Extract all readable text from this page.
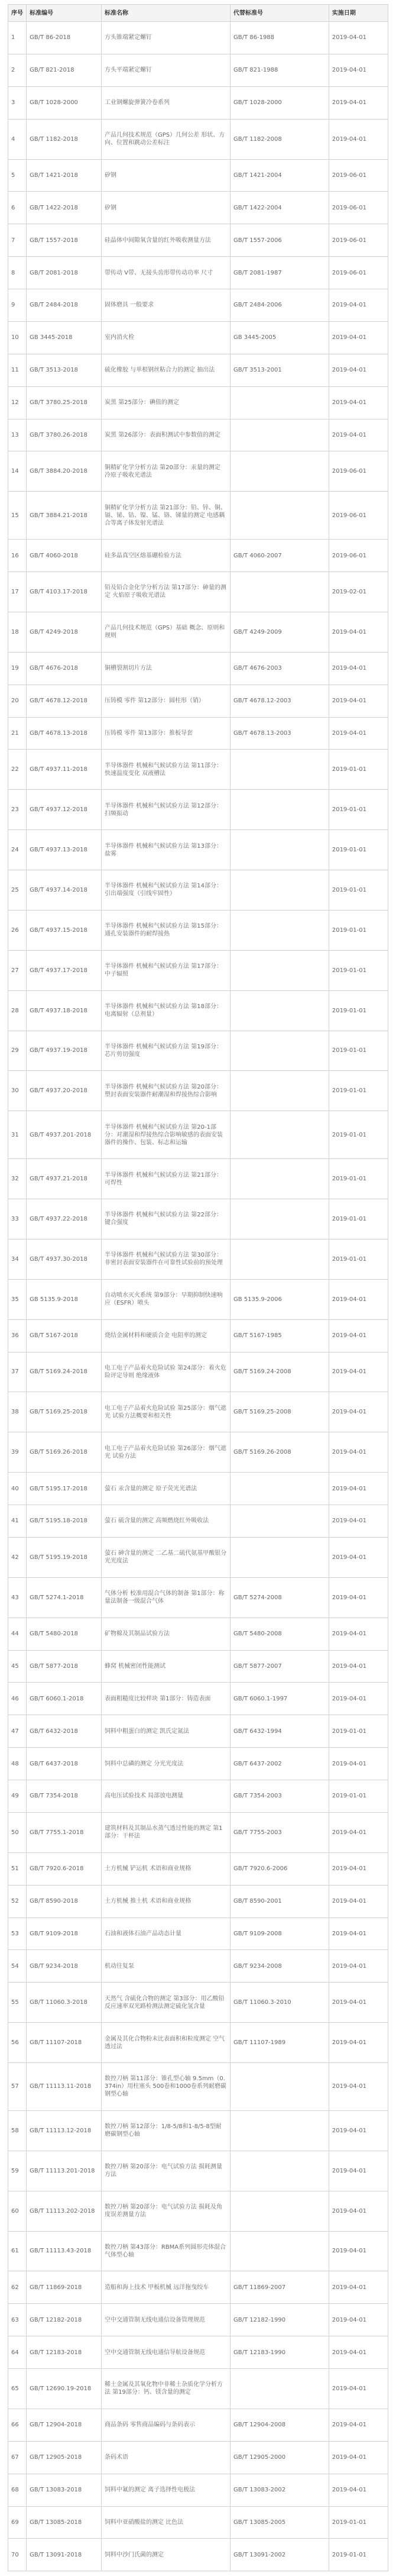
序号	标准编号	标准名称	代替标准号	实施日期
1	GB/T 86-2018	方头锥端紧定螺钉	GB/T 86-1988	2019-04-01
2	GB/T 821-2018	方头平端紧定螺钉	GB/T 821-1988	2019-04-01
3	GB/T 1028-2000	工业钢螺旋弹簧冷卷系列	GB/T 1028-2000	2019-04-01
4	GB/T 1182-2018	产品几何技术规范（GPS）几何公差 形状、方向、位置和跳动公差标注	GB/T 1182-2008	2019-04-01
5	GB/T 1421-2018	矽钢	GB/T 1421-2004	2019-06-01
6	GB/T 1422-2018	矽钢	GB/T 1422-2004	2019-06-01
7	GB/T 1557-2018	硅晶体中间隙氧含量的红外吸收测量方法	GB/T 1557-2006	2019-06-01
8	GB/T 2081-2018	带传动 V带、无接头齿形带传动功率 尺寸	GB/T 2081-1987	2019-06-01
9	GB/T 2484-2018	固体磨具 一般要求	GB/T 2484-2006	2019-04-01
10	GB 3445-2018	室内消火栓	GB 3445-2005	2019-04-01
11	GB/T 3513-2018	硫化橡胶 与单根钢丝粘合力的测定 抽出法	GB/T 3513-2001	2019-04-01
12	GB/T 3780.25-2018	炭黑 第25部分：碘值的测定		2019-04-01
13	GB/T 3780.26-2018	炭黑 第26部分：表面积测试中参数值的测定		2019-04-01
14	GB/T 3884.20-2018	铜精矿化学分析方法 第20部分：汞量的测定 冷原子吸收光谱法		2019-06-01
15	GB/T 3884.21-2018	铜精矿化学分析方法 第21部分：铅、锌、铜、镉、铋、钴、镍、锰、铬、锑量的测定 电感耦合等离子体发射光谱法		2019-06-01
16	GB/T 4060-2018	硅多晶真空区熔基硼检验方法	GB/T 4060-2007	2019-06-01
17	GB/T 4103.17-2018	铅及铅合金化学分析方法 第17部分：砷量的测定 火焰原子吸收光谱法		2019-02-01
18	GB/T 4249-2018	产品几何技术规范（GPS）基础 概念、原则和规则	GB/T 4249-2009	2019-04-01
19	GB/T 4676-2018	铜槽裂割切片方法	GB/T 4676-2003	2019-04-01
20	GB/T 4678.12-2018	压铸模 零件 第12部分：圆柱形（销）	GB/T 4678.12-2003	2019-04-01
21	GB/T 4678.13-2018	压铸模 零件 第13部分：推板导套	GB/T 4678.13-2003	2019-04-01
22	GB/T 4937.11-2018	半导体器件 机械和气候试验方法 第11部分：快速温度变化 双液槽法		2019-01-01
23	GB/T 4937.12-2018	半导体器件 机械和气候试验方法 第12部分：扫频振动		2019-01-01
24	GB/T 4937.13-2018	半导体器件 机械和气候试验方法 第13部分：盐雾		2019-01-01
25	GB/T 4937.14-2018	半导体器件 机械和气候试验方法 第14部分：引出端强度（引线牢固性）		2019-01-01
26	GB/T 4937.15-2018	半导体器件 机械和气候试验方法 第15部分：通孔安装器件的耐焊接热		2019-01-01
27	GB/T 4937.17-2018	半导体器件 机械和气候试验方法 第17部分：中子辐照		2019-01-01
28	GB/T 4937.18-2018	半导体器件 机械和气候试验方法 第18部分：电离辐射（总剂量）		2019-01-01
29	GB/T 4937.19-2018	半导体器件 机械和气候试验方法 第19部分：芯片剪切强度		2019-01-01
30	GB/T 4937.20-2018	半导体器件 机械和气候试验方法 第20部分：塑封表面安装器件耐潮湿和焊接热综合影响		2019-01-01
31	GB/T 4937.201-2018	半导体器件 机械和气候试验方法 第20-1部分：对潮湿和焊接热综合影响敏感的表面安装器件的操作、包装、标志和运输		2019-01-01
32	GB/T 4937.21-2018	半导体器件 机械和气候试验方法 第21部分：可焊性		2019-01-01
33	GB/T 4937.22-2018	半导体器件 机械和气候试验方法 第22部分：键合强度		2019-01-01
34	GB/T 4937.30-2018	半导体器件 机械和气候试验方法 第30部分：非密封表面安装器件在可靠性试验前的预处理		2019-01-01
35	GB 5135.9-2018	自动喷水灭火系统 第9部分：早期抑制快速响应（ESFR）喷头	GB 5135.9-2006	2019-04-01
36	GB/T 5167-2018	烧结金属材料和硬质合金 电阻率的测定	GB/T 5167-1985	2019-04-01
37	GB/T 5169.24-2018	电工电子产品着火危险试验 第24部分：着火危险评定导则 绝缘液体	GB/T 5169.24-2008	2019-04-01
38	GB/T 5169.25-2018	电工电子产品着火危险试验 第25部分：烟气遮光 试验方法概要和相关性	GB/T 5169.25-2008	2019-04-01
39	GB/T 5169.26-2018	电工电子产品着火危险试验 第26部分：烟气遮光 试验方法	GB/T 5169.26-2008	2019-04-01
40	GB/T 5195.17-2018	萤石 汞含量的测定 原子荧光光谱法		2019-04-01
41	GB/T 5195.18-2018	萤石 硫含量的测定 高频燃烧红外吸收法		2019-04-01
42	GB/T 5195.19-2018	萤石 砷含量的测定 二乙基二硫代氨基甲酸银分光光度法		2019-04-01
43	GB/T 5274.1-2018	气体分析 校准用混合气体的制备 第1部分：称量法制备一级混合气体	GB/T 5274-2008	2019-04-01
44	GB/T 5480-2018	矿物棉及其制品试验方法	GB/T 5480-2008	2019-04-01
45	GB/T 5877-2018	蜂窝 机械密闭性能测试	GB/T 5877-2007	2019-04-01
46	GB/T 6060.1-2018	表面粗糙度比较样块 第1部分：铸造表面	GB/T 6060.1-1997	2019-04-01
47	GB/T 6432-2018	饲料中粗蛋白的测定 凯氏定氮法	GB/T 6432-1994	2019-01-01
48	GB/T 6437-2018	饲料中总磷的测定 分光光度法	GB/T 6437-2002	2019-04-01
49	GB/T 7354-2018	高电压试验技术 局部放电测量	GB/T 7354-2003	2019-01-01
50	GB/T 7755.1-2018	建筑材料及其制品水蒸气透过性能的测定 第1部分：干杯法	GB/T 7755-2003	2019-04-01
51	GB/T 7920.6-2018	土方机械 铲运机 术语和商业规格	GB/T 7920.6-2006	2019-04-01
52	GB/T 8590-2018	土方机械 推土机 术语和商业规格	GB/T 8590-2001	2019-04-01
53	GB/T 9109-2018	石油和液体石油产品动态计量	GB/T 9109-2008	2019-04-01
54	GB/T 9234-2018	机动往复泵	GB/T 9234-2008	2019-04-01
55	GB/T 11060.3-2018	天然气 含硫化合物的测定 第3部分：用乙酸铅反应速率双光路检测法测定硫化氢含量	GB/T 11060.3-2010	2019-04-01
56	GB/T 11107-2018	金属及其化合物粉末比表面积和粒度测定 空气透过法	GB/T 11107-1989	2019-04-01
57	GB/T 11113.11-2018	数控刀柄 第11部分：锥孔型心轴 9.5mm（0.374in）用柱塞头 500卷和1000卷系列耐磨碳钢型心轴		2019-04-01
58	GB/T 11113.12-2018	数控刀柄 第12部分：1/8-5/8和1-8/5-8型耐磨碳钢型心轴		2019-04-01
59	GB/T 11113.201-2018	数控刀柄 第20部分：电气试验方法 损耗测量方法		2019-04-01
60	GB/T 11113.202-2018	数控刀柄 第20部分：电气试验方法 损耗及角度误差测量方法		2019-04-01
61	GB/T 11113.43-2018	数控刀柄 第43部分：RBMA系列圆形壳体混合气体型心轴		2019-04-01
62	GB/T 11869-2018	造船和海上技术 甲板机械 远洋拖曳绞车	GB/T 11869-2007	2019-04-01
63	GB/T 12182-2018	空中交通管制无线电通信设备管理规范	GB/T 12182-1990	2019-04-01
64	GB/T 12183-2018	空中交通管制无线电通信导航设备规范	GB/T 12183-1990	2019-04-01
65	GB/T 12690.19-2018	稀土金属及其氧化物中非稀土杂质化学分析方法 第19部分：钙、镁含量的测定		2019-04-01
66	GB/T 12904-2018	商品条码 零售商品编码与条码表示	GB/T 12904-2008	2019-04-01
67	GB/T 12905-2018	条码术语	GB/T 12905-2000	2019-04-01
68	GB/T 13083-2018	饲料中氟的测定 离子选择性电极法	GB/T 13083-2002	2019-04-01
69	GB/T 13085-2018	饲料中亚硝酸盐的测定 比色法	GB/T 13085-2005	2019-01-01
70	GB/T 13091-2018	饲料中沙门氏菌的测定	GB/T 13091-2002	2019-01-01
